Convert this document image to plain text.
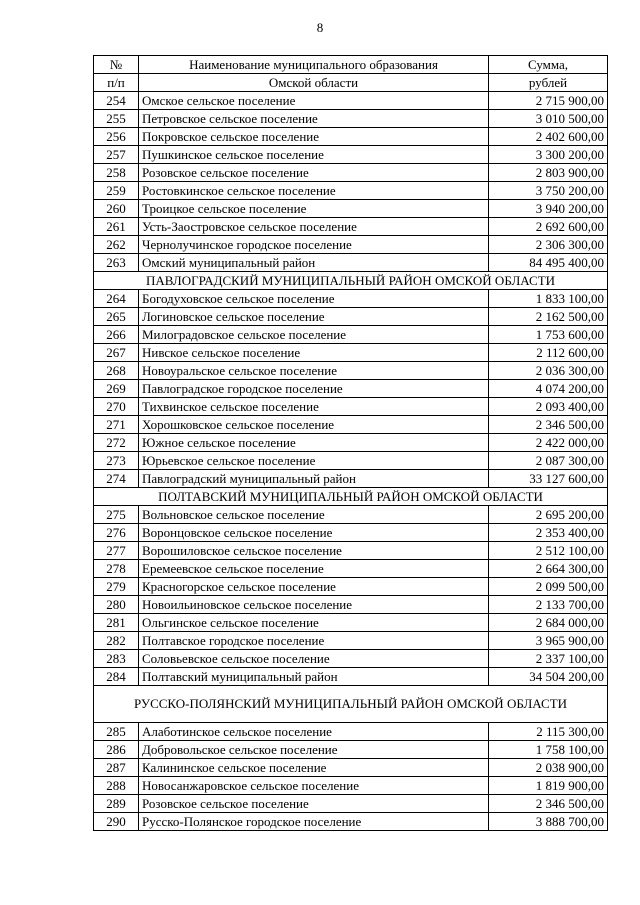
8
№	Наименование муниципального образования	Сумма,

п/п	Омской области	рублей

254	Омское сельское поселение	2 715 900,00
255	Петровское сельское поселение	3 010 500,00
256	Покровское сельское поселение	2 402 600,00
257	Пушкинское сельское поселение	3 300 200,00
258	Розовское сельское поселение	2 803 900,00
259	Ростовкинское сельское поселение	3 750 200,00
260	Троицкое сельское поселение	3 940 200,00
261	Усть-Заостровское сельское поселение	2 692 600,00
262	Чернолучинское городское поселение	2 306 300,00
263	Омский муниципальный район	84 495 400,00
ПАВЛОГРАДСКИЙ МУНИЦИПАЛЬНЫЙ РАЙОН ОМСКОЙ ОБЛАСТИ		
264	Богодуховское сельское поселение	1 833 100,00
265	Логиновское сельское поселение	2 162 500,00
266	Милоградовское сельское поселение	1 753 600,00
267	Нивское сельское поселение	2 112 600,00
268	Новоуральское сельское поселение	2 036 300,00
269	Павлоградское городское поселение	4 074 200,00
270	Тихвинское сельское поселение	2 093 400,00
271	Хорошковское сельское поселение	2 346 500,00
272	Южное сельское поселение	2 422 000,00
273	Юрьевское сельское поселение	2 087 300,00
274	Павлоградский муниципальный район	33 127 600,00
ПОЛТАВСКИЙ МУНИЦИПАЛЬНЫЙ РАЙОН ОМСКОЙ ОБЛАСТИ		
275	Вольновское сельское поселение	2 695 200,00
276	Воронцовское сельское поселение	2 353 400,00
277	Ворошиловское сельское поселение	2 512 100,00
278	Еремеевское сельское поселение	2 664 300,00
279	Красногорское сельское поселение	2 099 500,00
280	Новоильиновское сельское поселение	2 133 700,00
281	Ольгинское сельское поселение	2 684 000,00
282	Полтавское городское поселение	3 965 900,00
283	Соловьевское сельское поселение	2 337 100,00
284	Полтавский муниципальный район	34 504 200,00
РУССКО-ПОЛЯНСКИЙ МУНИЦИПАЛЬНЫЙ РАЙОН ОМСКОЙ ОБЛАСТИ		
285	Алаботинское сельское поселение	2 115 300,00
286	Добровольское сельское поселение	1 758 100,00
287	Калининское сельское поселение	2 038 900,00
288	Новосанжаровское сельское поселение	1 819 900,00
289	Розовское сельское поселение	2 346 500,00
290	Русско-Полянское городское поселение	3 888 700,00
